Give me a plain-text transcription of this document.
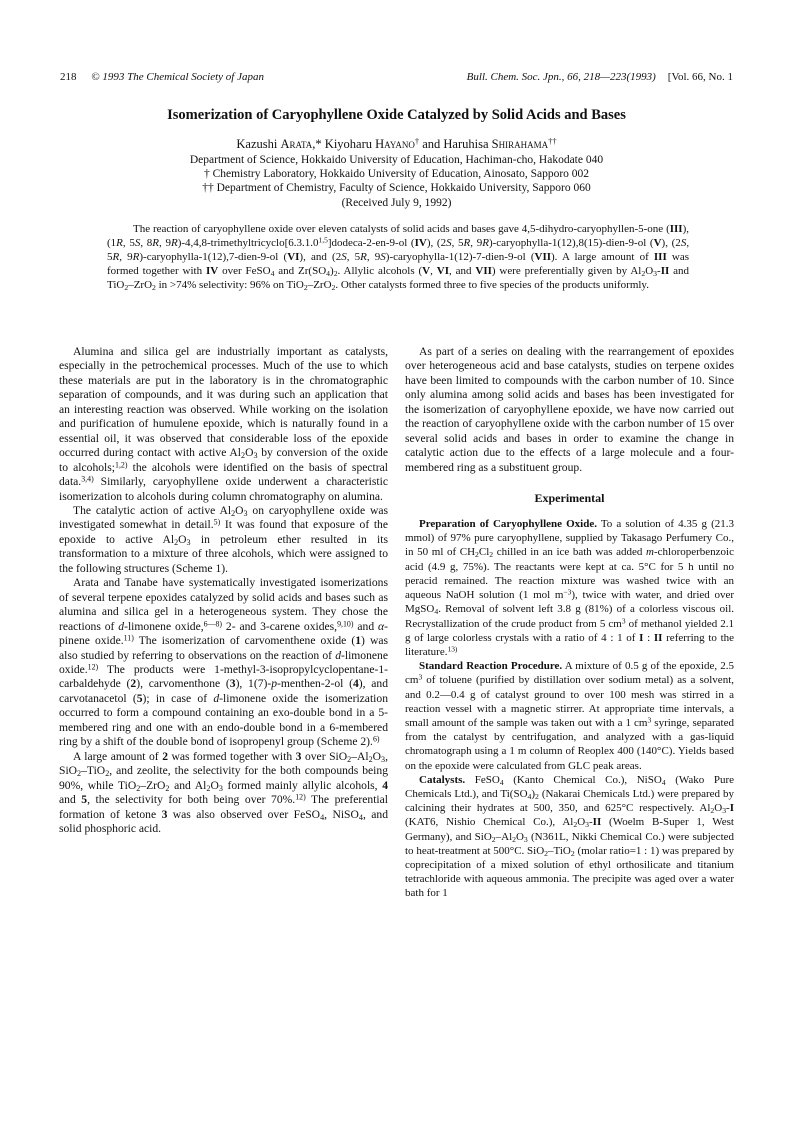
218 © 1993 The Chemical Society of Japan	Bull. Chem. Soc. Jpn., 66, 218—223(1993) [Vol. 66, No. 1
Isomerization of Caryophyllene Oxide Catalyzed by Solid Acids and Bases
Kazushi Arata,* Kiyoharu Hayano† and Haruhisa Shirahama††
Department of Science, Hokkaido University of Education, Hachiman-cho, Hakodate 040
† Chemistry Laboratory, Hokkaido University of Education, Ainosato, Sapporo 002
†† Department of Chemistry, Faculty of Science, Hokkaido University, Sapporo 060
(Received July 9, 1992)
The reaction of caryophyllene oxide over eleven catalysts of solid acids and bases gave 4,5-dihydro-caryophyllen-5-one (III), (1R, 5S, 8R, 9R)-4,4,8-trimethyltricyclo[6.3.1.0$^{1,5}$]dodeca-2-en-9-ol (IV), (2S, 5R, 9R)-caryophylla-1(12),8(15)-dien-9-ol (V), (2S, 5R, 9R)-caryophylla-1(12),7-dien-9-ol (VI), and (2S, 5R, 9S)-caryophylla-1(12)-7-dien-9-ol (VII). A large amount of III was formed together with IV over FeSO$_4$ and $Zr(SO_4)_2$. Allylic alcohols (V, VI, and VII) were preferentially given by $Al_2O_3-II$ and TiO$_2$–ZrO$_2$ in >74% selectivity: 96% on TiO$_2$–ZrO$_2$. Other catalysts formed three to five species of the products uniformly.

Alumina and silica gel are industrially important as catalysts, especially in the petrochemical processes. Much of the use to which these materials are put in the laboratory is in the chromatographic separation of compounds, and it was during such an application that an interesting reaction was observed. While working on the isolation and purification of humulene epoxide, which is naturally found in a essential oil, it was observed that considerable loss of the epoxide occurred during contact with active $Al_2O_3$ by conversion of the oxide to alcohols;$^{1,2)}$ the alcohols were identified on the basis of spectral data.$^{3,4)}$ Similarly, caryophyllene oxide underwent a characteristic isomerization to alcohols during column chromatography on alumina.

The catalytic action of active $Al_2O_3$ on caryophyllene oxide was investigated somewhat in detail.$^{5)}$ It was found that exposure of the epoxide to active $Al_2O_3$ in petroleum ether resulted in its transformation to a mixture of three alcohols, which were assigned to the following structures (Scheme 1).

Arata and Tanabe have systematically investigated isomerizations of several terpene epoxides catalyzed by solid acids and bases such as alumina and silica gel in a heterogeneous system. They chose the reactions of d-limonene oxide,$^{6—8)}$ 2- and 3-carene oxides,$^{9,10)}$ and α-pinene oxide.$^{11)}$ The isomerization of carvomenthene oxide (1) was also studied by referring to observations on the reaction of d-limonene oxide.$^{12)}$ The products were 1-methyl-3-isopropylcyclopentane-1-carbaldehyde (2), carvomenthone (3), 1(7)-p-menthen-2-ol (4), and carvotanacetol (5); in case of d-limonene oxide the isomerization occurred to form a compound containing an exo-double bond in a 5-membered ring and one with an endo-double bond in a 6-membered ring by a shift of the double bond of isopropenyl group (Scheme 2).$^{6)}$

A large amount of 2 was formed together with 3 over $SiO_2-Al_2O_3$, SiO$_2$–TiO$_2$, and zeolite, the selectivity for the both compounds being 90%, while TiO$_2$–ZrO$_2$ and $Al_2O_3$ formed mainly allylic alcohols, 4 and 5, the selectivity for both being over 70%.$^{12)}$ The preferential formation of ketone 3 was also observed over FeSO$_4$, NiSO$_4$, and solid phosphoric acid.

As part of a series on dealing with the rearrangement of epoxides over heterogeneous acid and base catalysts, studies on terpene oxides have been limited to compounds with the carbon number of 10. Since only alumina among solid acids and bases has been investigated for the isomerization of caryophyllene epoxide, we have now carried out the reaction of caryophyllene oxide with the carbon number of 15 over several solid acids and bases in order to examine the change in catalytic action due to the effects of a large molecule and a four-membered ring as a substituent group.

Experimental

Preparation of Caryophyllene Oxide. To a solution of 4.35 g (21.3 mmol) of 97% pure caryophyllene, supplied by Takasago Perfumery Co., in 50 ml of $CH_2Cl_2$ chilled in an ice bath was added m-chloroperbenzoic acid (4.9 g, 75%). The reactants were kept at ca. 5°C for 5 h until no peracid remained. The reaction mixture was washed twice with an aqueous NaOH solution (1 mol $m^{-3}$), twice with water, and dried over MgSO$_4$. Removal of solvent left 3.8 g (81%) of a colorless viscous oil. Recrystallization of the crude product from 5 $cm^3$ of methanol yielded 2.1 g of large colorless crystals with a ratio of 4 : 1 of I : II referring to the literature.$^{13)}$

Standard Reaction Procedure. A mixture of 0.5 g of the epoxide, 2.5 $cm^3$ of toluene (purified by distillation over sodium metal) as a solvent, and 0.2—0.4 g of catalyst ground to over 100 mesh was stirred in a reaction vessel with a magnetic stirrer. At appropriate time intervals, a small amount of the sample was taken out with a 1 $cm^3$ syringe, separated from the catalyst by centrifugation, and analyzed with a gas-liquid chromatograph using a 1 m column of Reoplex 400 (140°C). Yields based on the epoxide were calculated from GLC peak areas.

Catalysts. FeSO$_4$ (Kanto Chemical Co.), NiSO$_4$ (Wako Pure Chemicals Ltd.), and $Ti(SO_4)_2$ (Nakarai Chemicals Ltd.) were prepared by calcining their hydrates at 500, 350, and 625°C respectively. $Al_2O_3-I$ (KAT6, Nishio Chemical Co.), $Al_2O_3-II$ (Woelm B-Super 1, West Germany), and $SiO_2-Al_2O_3$ (N361L, Nikki Chemical Co.) were subjected to heat-treatment at 500°C. SiO$_2$–TiO$_2$ (molar ratio=1 : 1) was prepared by coprecipitation of a mixed solution of ethyl orthosilicate and titanium tetrachloride with aqueous ammonia. The precipite was aged over a water bath for 1
